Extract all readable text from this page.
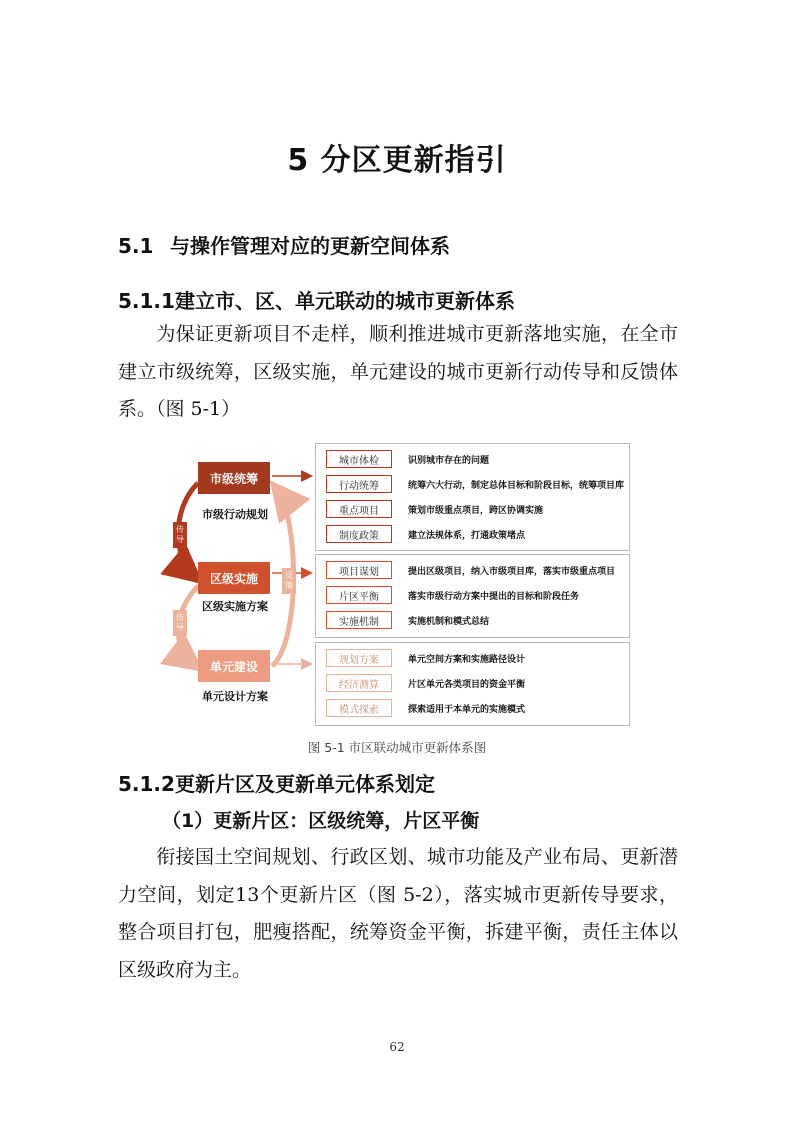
5 分区更新指引
5.1 与操作管理对应的更新空间体系
5.1.1建立市、区、单元联动的城市更新体系
为保证更新项目不走样，顺利推进城市更新落地实施，在全市建立市级统筹，区级实施，单元建设的城市更新行动传导和反馈体系。（图 5-1）
传导
传导
反馈
市级统筹
市级行动规划
区级实施
区级实施方案
单元建设
单元设计方案
城市体检	识别城市存在的问题
行动统筹	统筹六大行动，制定总体目标和阶段目标，统筹项目库
重点项目	策划市级重点项目，跨区协调实施
制度政策	建立法规体系，打通政策堵点
项目谋划	提出区级项目，纳入市级项目库，落实市级重点项目
片区平衡	落实市级行动方案中提出的目标和阶段任务
实施机制	实施机制和模式总结
规划方案	单元空间方案和实施路径设计
经济测算	片区单元各类项目的资金平衡
模式探索	探索适用于本单元的实施模式
图 5-1 市区联动城市更新体系图
5.1.2更新片区及更新单元体系划定
（1）更新片区：区级统筹，片区平衡
衔接国土空间规划、行政区划、城市功能及产业布局、更新潜力空间，划定13个更新片区（图 5-2），落实城市更新传导要求，整合项目打包，肥瘦搭配，统筹资金平衡，拆建平衡，责任主体以区级政府为主。
62
